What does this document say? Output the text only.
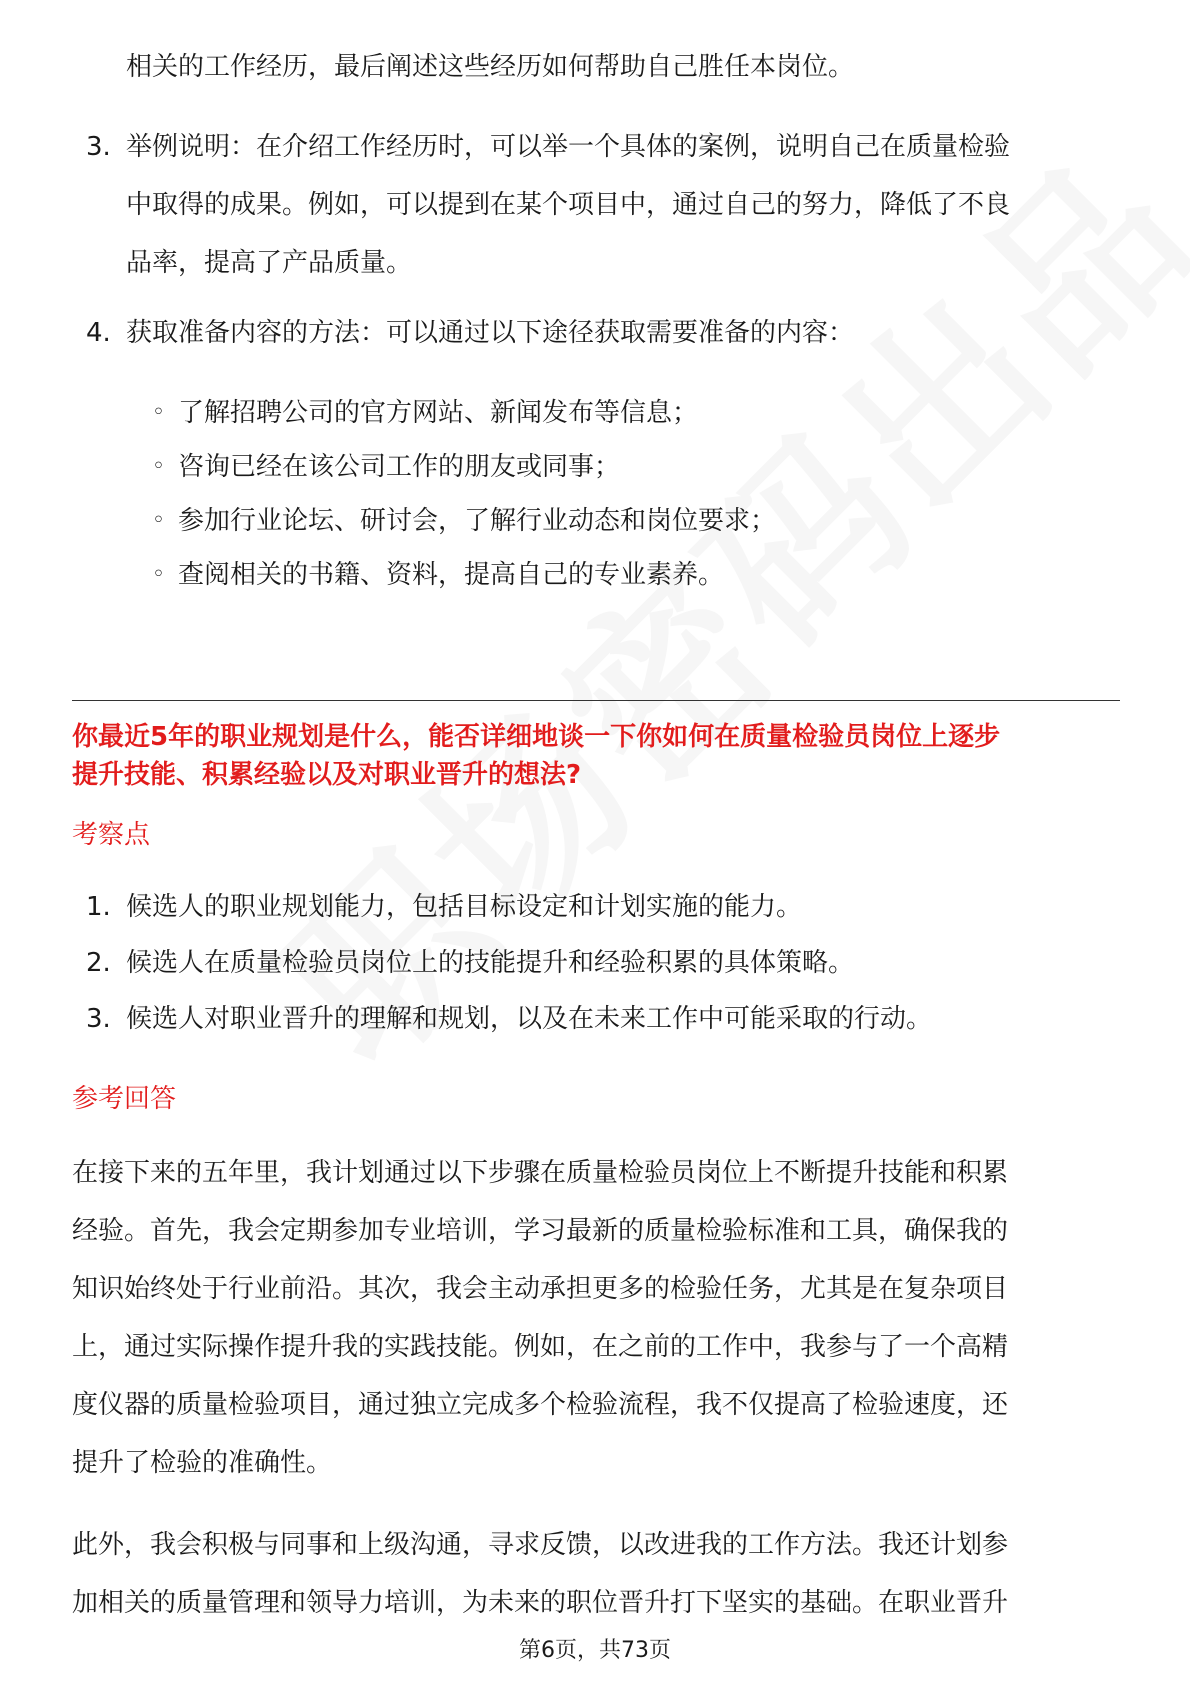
相关的工作经历，最后阐述这些经历如何帮助自己胜任本岗位。

3. 举例说明：在介绍工作经历时，可以举一个具体的案例，说明自己在质量检验
中取得的成果。例如，可以提到在某个项目中，通过自己的努力，降低了不良
品率，提高了产品质量。
4. 获取准备内容的方法：可以通过以下途径获取需要准备的内容：
◦ 了解招聘公司的官方网站、新闻发布等信息；
◦ 咨询已经在该公司工作的朋友或同事；
◦ 参加行业论坛、研讨会，了解行业动态和岗位要求；
◦ 查阅相关的书籍、资料，提高自己的专业素养。
你最近5年的职业规划是什么，能否详细地谈一下你如何在质量检验员岗位上逐步
提升技能、积累经验以及对职业晋升的想法?

考察点

1. 候选人的职业规划能力，包括目标设定和计划实施的能力。
2. 候选人在质量检验员岗位上的技能提升和经验积累的具体策略。
3. 候选人对职业晋升的理解和规划，以及在未来工作中可能采取的行动。

参考回答

在接下来的五年里，我计划通过以下步骤在质量检验员岗位上不断提升技能和积累
经验。首先，我会定期参加专业培训，学习最新的质量检验标准和工具，确保我的
知识始终处于行业前沿。其次，我会主动承担更多的检验任务，尤其是在复杂项目
上，通过实际操作提升我的实践技能。例如，在之前的工作中，我参与了一个高精
度仪器的质量检验项目，通过独立完成多个检验流程，我不仅提高了检验速度，还
提升了检验的准确性。
此外，我会积极与同事和上级沟通，寻求反馈，以改进我的工作方法。我还计划参
加相关的质量管理和领导力培训，为未来的职位晋升打下坚实的基础。在职业晋升
第6页，共73页
